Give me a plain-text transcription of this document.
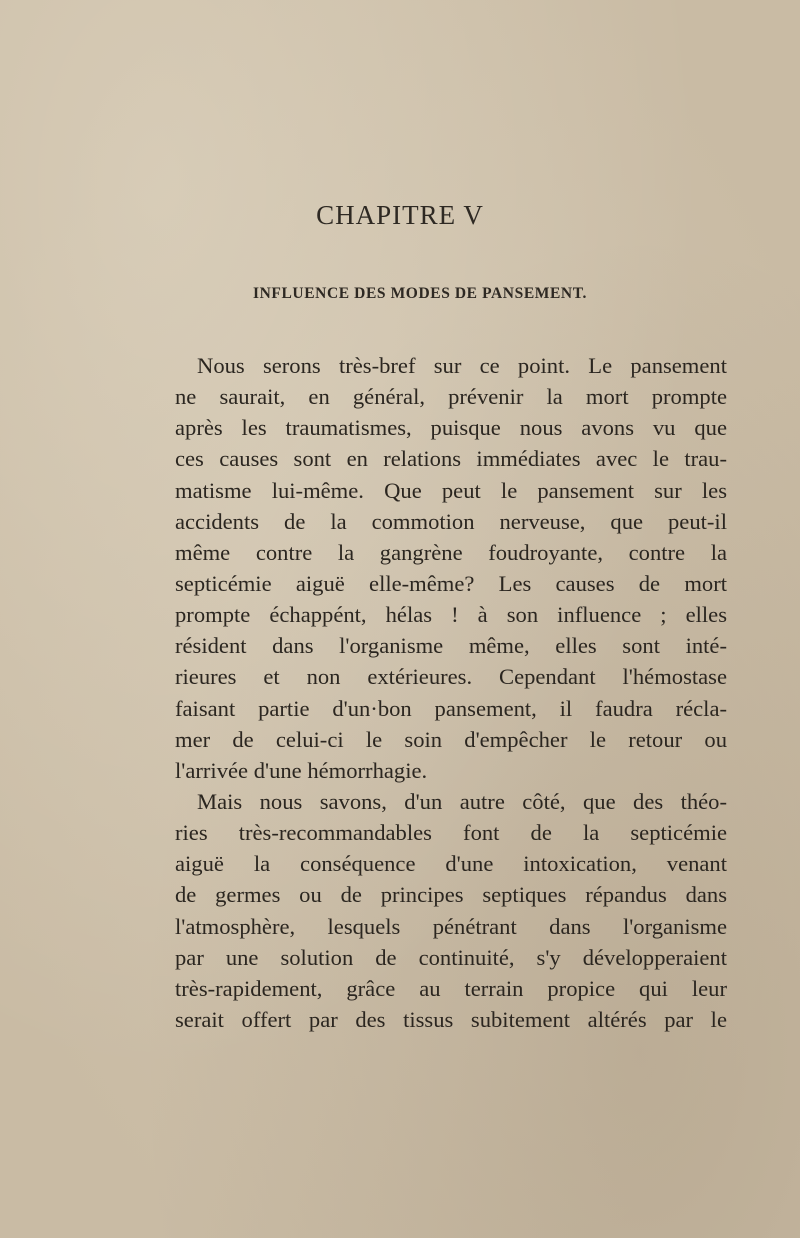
CHAPITRE V
INFLUENCE DES MODES DE PANSEMENT.
Nous serons très-bref sur ce point. Le pansement
ne saurait, en général, prévenir la mort prompte
après les traumatismes, puisque nous avons vu que
ces causes sont en relations immédiates avec le trau-
matisme lui-même. Que peut le pansement sur les
accidents de la commotion nerveuse, que peut-il
même contre la gangrène foudroyante, contre la
septicémie aiguë elle-même? Les causes de mort
prompte échappént, hélas ! à son influence ; elles
résident dans l'organisme même, elles sont inté-
rieures et non extérieures. Cependant l'hémostase
faisant partie d'un·bon pansement, il faudra récla-
mer de celui-ci le soin d'empêcher le retour ou
l'arrivée d'une hémorrhagie.
Mais nous savons, d'un autre côté, que des théo-
ries très-recommandables font de la septicémie
aiguë la conséquence d'une intoxication, venant
de germes ou de principes septiques répandus dans
l'atmosphère, lesquels pénétrant dans l'organisme
par une solution de continuité, s'y développeraient
très-rapidement, grâce au terrain propice qui leur
serait offert par des tissus subitement altérés par le
